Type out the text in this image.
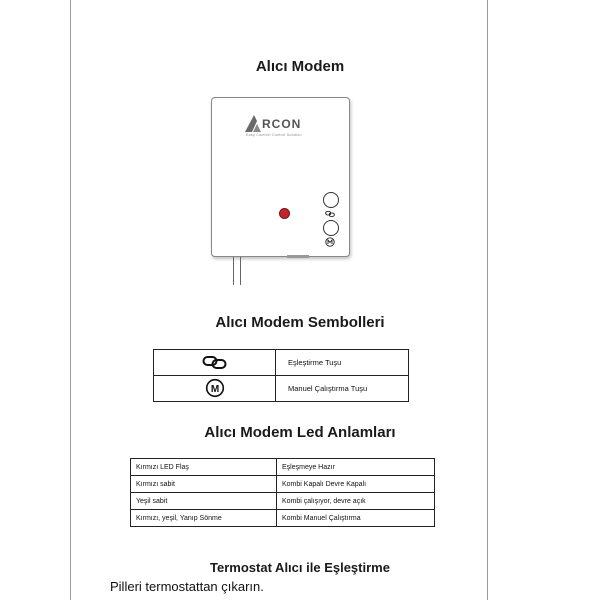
Alıcı Modem
RCON
Easy Comfort Control Solution
Alıcı Modem Sembolleri
	Eşleştirme Tuşu

M	Manuel Çalıştırma Tuşu
Alıcı Modem Led Anlamları
Kırmızı LED Flaş	Eşleşmeye Hazır
Kırmızı sabit	Kombi Kapalı Devre Kapalı
Yeşil sabit	Kombi çalışıyor, devre açık
Kırmızı, yeşil, Yanıp Sönme	Kombi Manuel Çalıştırma
Termostat Alıcı ile Eşleştirme
Pilleri termostattan çıkarın.
